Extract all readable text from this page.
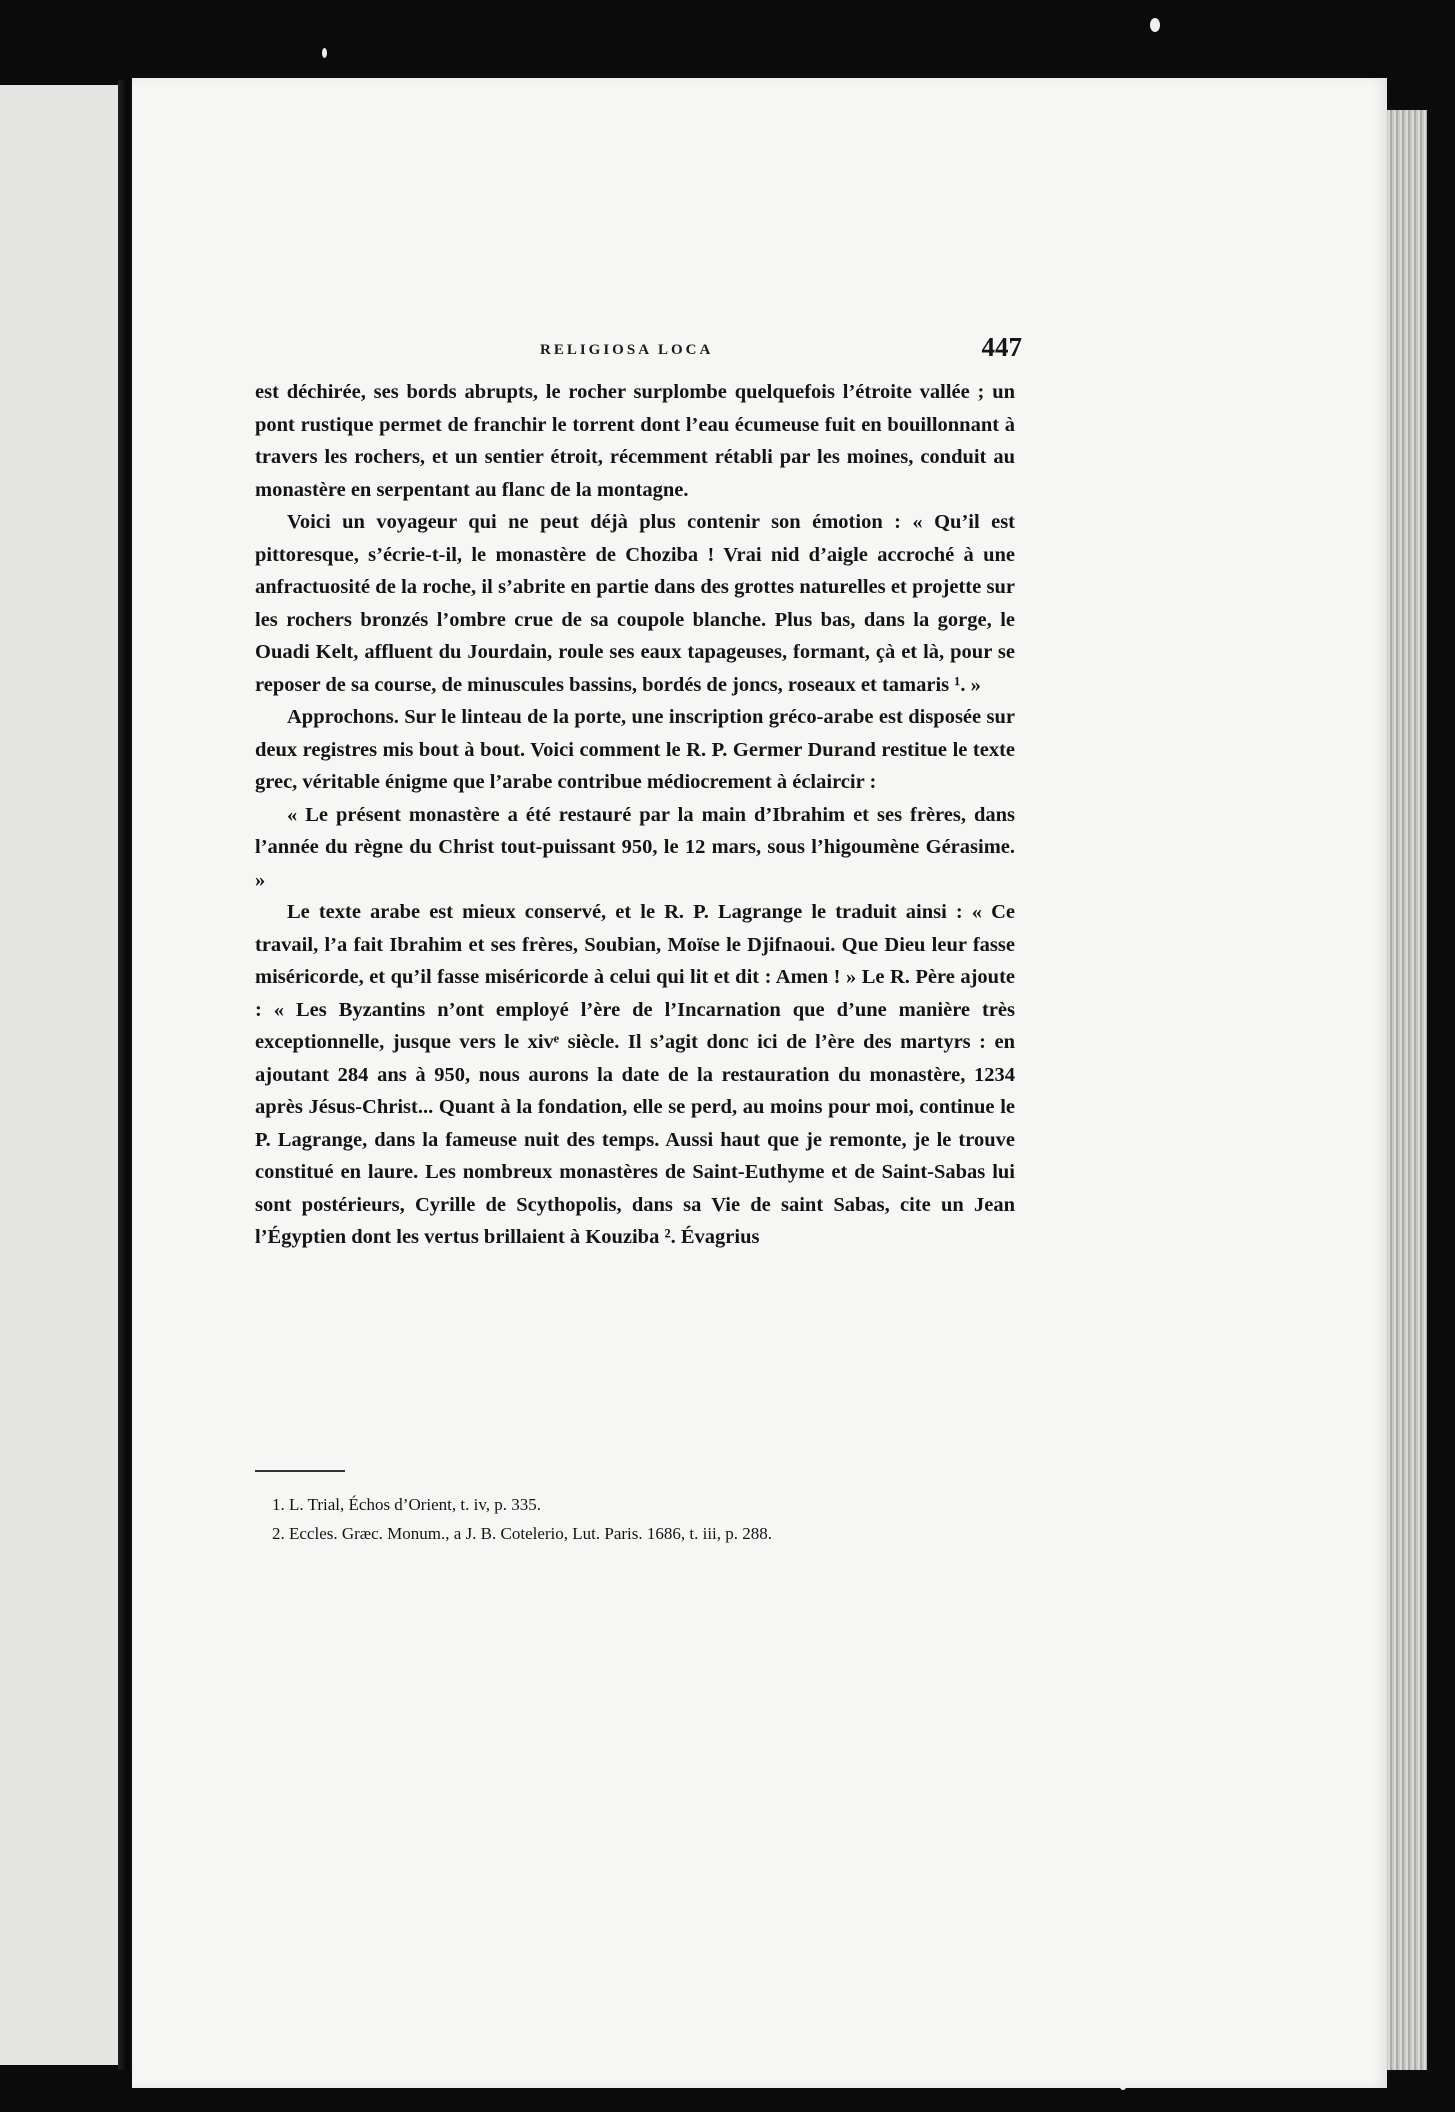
RELIGIOSA LOCA	447

est déchirée, ses bords abrupts, le rocher surplombe quelquefois l’étroite vallée ; un pont rustique permet de franchir le torrent dont l’eau écumeuse fuit en bouillonnant à travers les rochers, et un sentier étroit, récemment rétabli par les moines, conduit au monastère en serpentant au flanc de la montagne.

Voici un voyageur qui ne peut déjà plus contenir son émotion : « Qu’il est pittoresque, s’écrie-t-il, le monastère de Choziba ! Vrai nid d’aigle accroché à une anfractuosité de la roche, il s’abrite en partie dans des grottes naturelles et projette sur les rochers bronzés l’ombre crue de sa coupole blanche. Plus bas, dans la gorge, le Ouadi Kelt, affluent du Jourdain, roule ses eaux tapageuses, formant, çà et là, pour se reposer de sa course, de minuscules bassins, bordés de joncs, roseaux et tamaris ¹. »

Approchons. Sur le linteau de la porte, une inscription gréco-arabe est disposée sur deux registres mis bout à bout. Voici comment le R. P. Germer Durand restitue le texte grec, véritable énigme que l’arabe contribue médiocrement à éclaircir :

« Le présent monastère a été restauré par la main d’Ibrahim et ses frères, dans l’année du règne du Christ tout-puissant 950, le 12 mars, sous l’higoumène Gérasime. »

Le texte arabe est mieux conservé, et le R. P. Lagrange le traduit ainsi : « Ce travail, l’a fait Ibrahim et ses frères, Soubian, Moïse le Djifnaoui. Que Dieu leur fasse miséricorde, et qu’il fasse miséricorde à celui qui lit et dit : Amen ! » Le R. Père ajoute : « Les Byzantins n’ont employé l’ère de l’Incarnation que d’une manière très exceptionnelle, jusque vers le xivᵉ siècle. Il s’agit donc ici de l’ère des martyrs : en ajoutant 284 ans à 950, nous aurons la date de la restauration du monastère, 1234 après Jésus-Christ... Quant à la fondation, elle se perd, au moins pour moi, continue le P. Lagrange, dans la fameuse nuit des temps. Aussi haut que je remonte, je le trouve constitué en laure. Les nombreux monastères de Saint-Euthyme et de Saint-Sabas lui sont postérieurs, Cyrille de Scythopolis, dans sa Vie de saint Sabas, cite un Jean l’Égyptien dont les vertus brillaient à Kouziba ². Évagrius

1. L. Trial, Échos d’Orient, t. iv, p. 335.

2. Eccles. Græc. Monum., a J. B. Cotelerio, Lut. Paris. 1686, t. iii, p. 288.
